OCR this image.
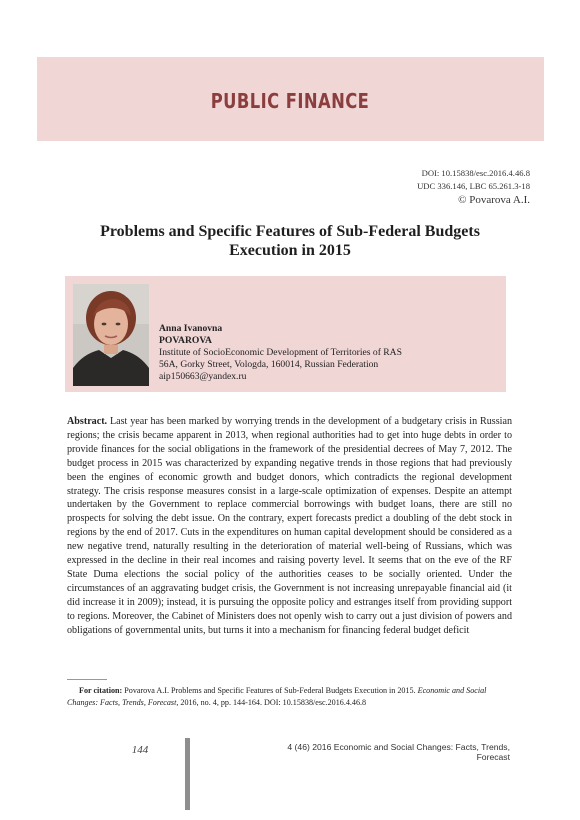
PUBLIC FINANCE
DOI: 10.15838/esc.2016.4.46.8
UDC 336.146, LBC 65.261.3-18
© Povarova A.I.
Problems and Specific Features of Sub-Federal Budgets
Execution in 2015
Anna Ivanovna
POVAROVA
Institute of SocioEconomic Development of Territories of RAS
56A, Gorky Street, Vologda, 160014, Russian Federation
aip150663@yandex.ru
Abstract. Last year has been marked by worrying trends in the development of a budgetary crisis in Russian regions; the crisis became apparent in 2013, when regional authorities had to get into huge debts in order to provide finances for the social obligations in the framework of the presidential decrees of May 7, 2012. The budget process in 2015 was characterized by expanding negative trends in those regions that had previously been the engines of economic growth and budget donors, which contradicts the regional development strategy. The crisis response measures consist in a large-scale optimization of expenses. Despite an attempt undertaken by the Government to replace commercial borrowings with budget loans, there are still no prospects for solving the debt issue. On the contrary, expert forecasts predict a doubling of the debt stock in regions by the end of 2017. Cuts in the expenditures on human capital development should be considered as a new negative trend, naturally resulting in the deterioration of material well-being of Russians, which was expressed in the decline in their real incomes and raising poverty level. It seems that on the eve of the RF State Duma elections the social policy of the authorities ceases to be socially oriented. Under the circumstances of an aggravating budget crisis, the Government is not increasing unrepayable financial aid (it did increase it in 2009); instead, it is pursuing the opposite policy and estranges itself from providing support to regions. Moreover, the Cabinet of Ministers does not openly wish to carry out a just division of powers and obligations of governmental units, but turns it into a mechanism for financing federal budget deficit
For citation: Povarova A.I. Problems and Specific Features of Sub-Federal Budgets Execution in 2015. Economic and Social Changes: Facts, Trends, Forecast, 2016, no. 4, pp. 144-164. DOI: 10.15838/esc.2016.4.46.8
144	4 (46) 2016 Economic and Social Changes: Facts, Trends, Forecast
